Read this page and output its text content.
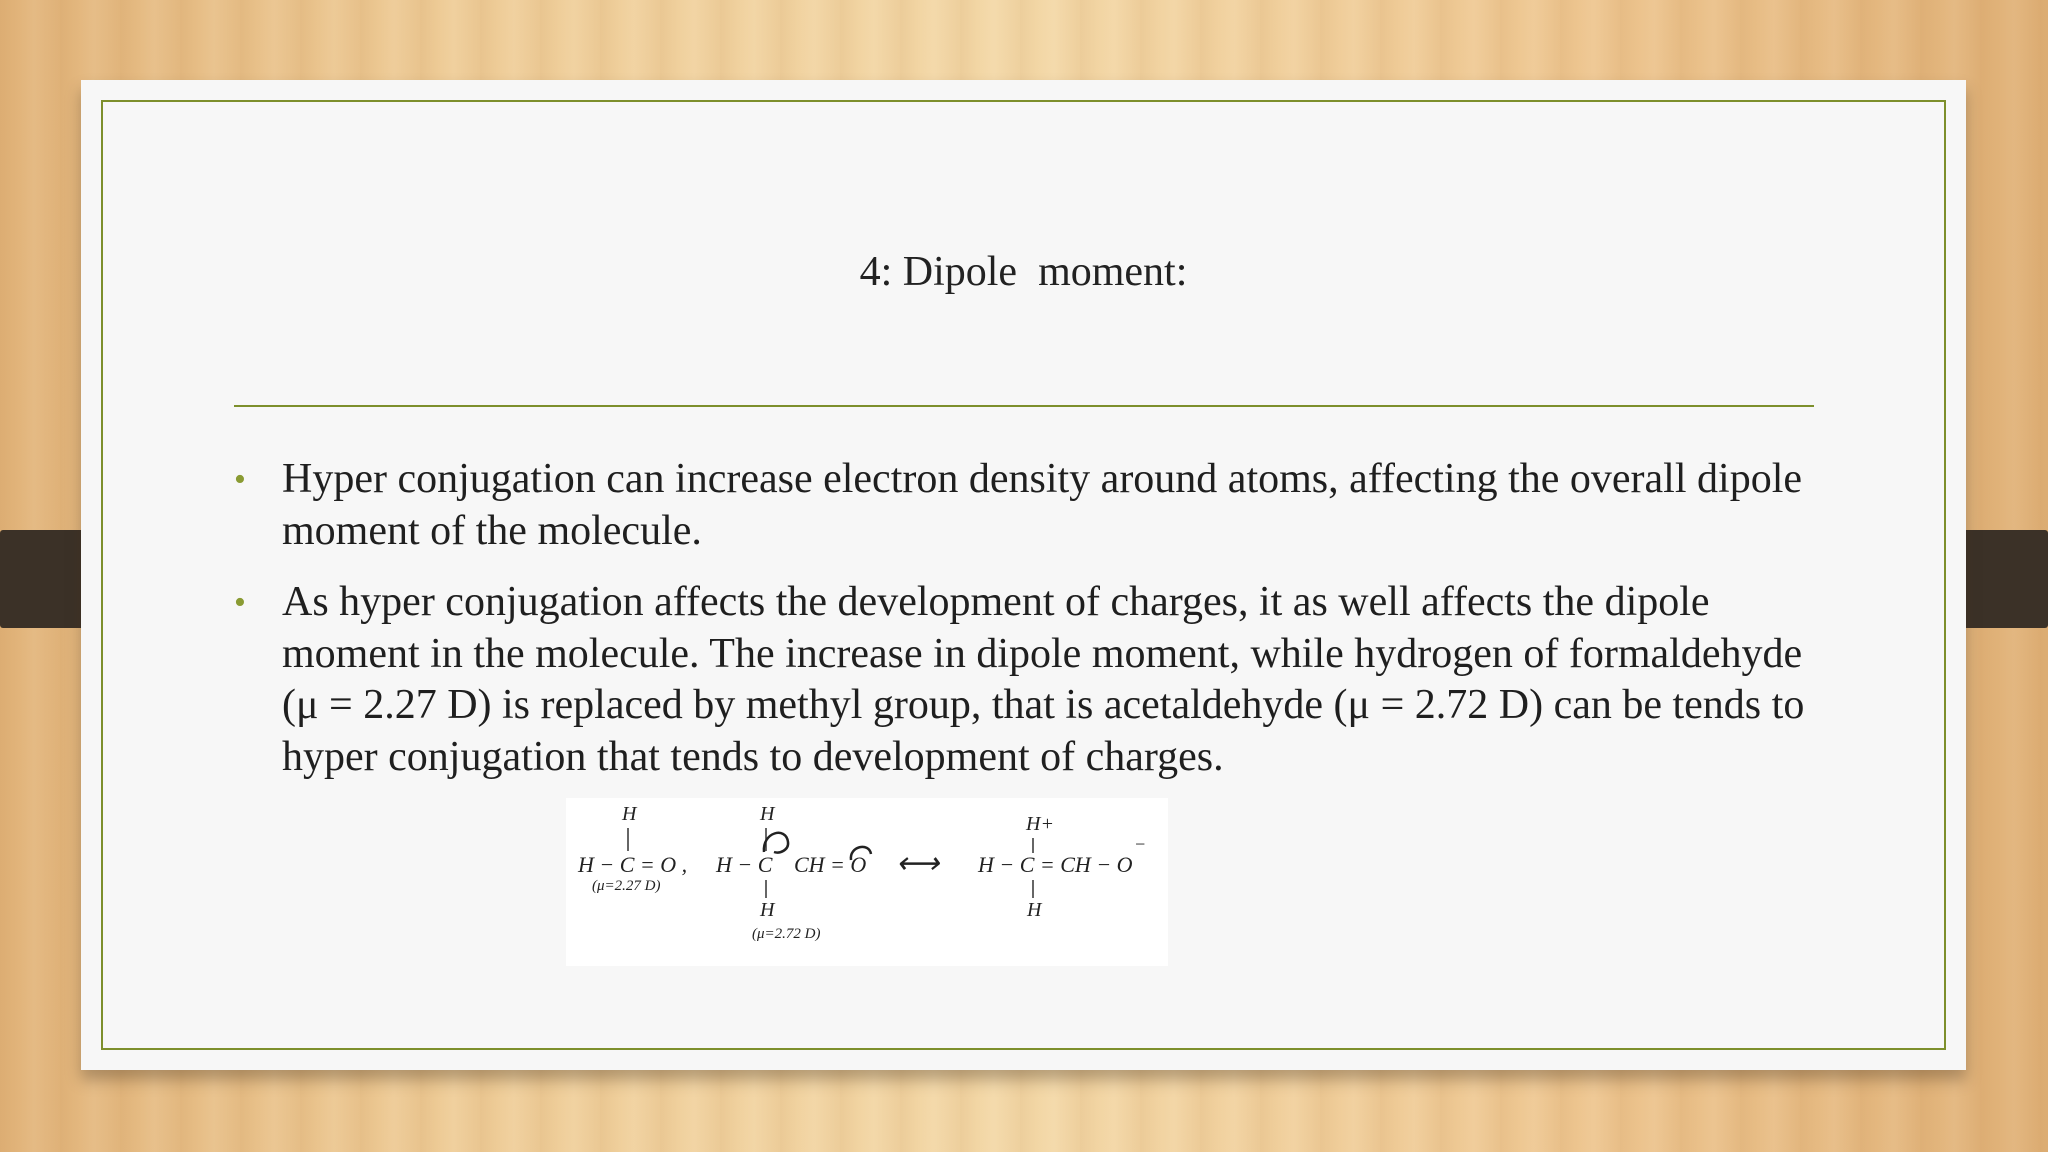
4: Dipole  moment:
• Hyper conjugation can increase electron density around atoms, affecting the overall dipole moment of the molecule.
• As hyper conjugation affects the development of charges, it as well affects the dipole moment in the molecule. The increase in dipole moment, while hydrogen of formaldehyde (μ = 2.27 D) is replaced by methyl group, that is acetaldehyde (μ = 2.72 D) can be tends to hyper conjugation that tends to development of charges.
H
H − C = O ,
(μ=2.27 D)
H
H − C CH = O
H
(μ=2.72 D)
⟷
H+
H − C = CH − O
−
H
